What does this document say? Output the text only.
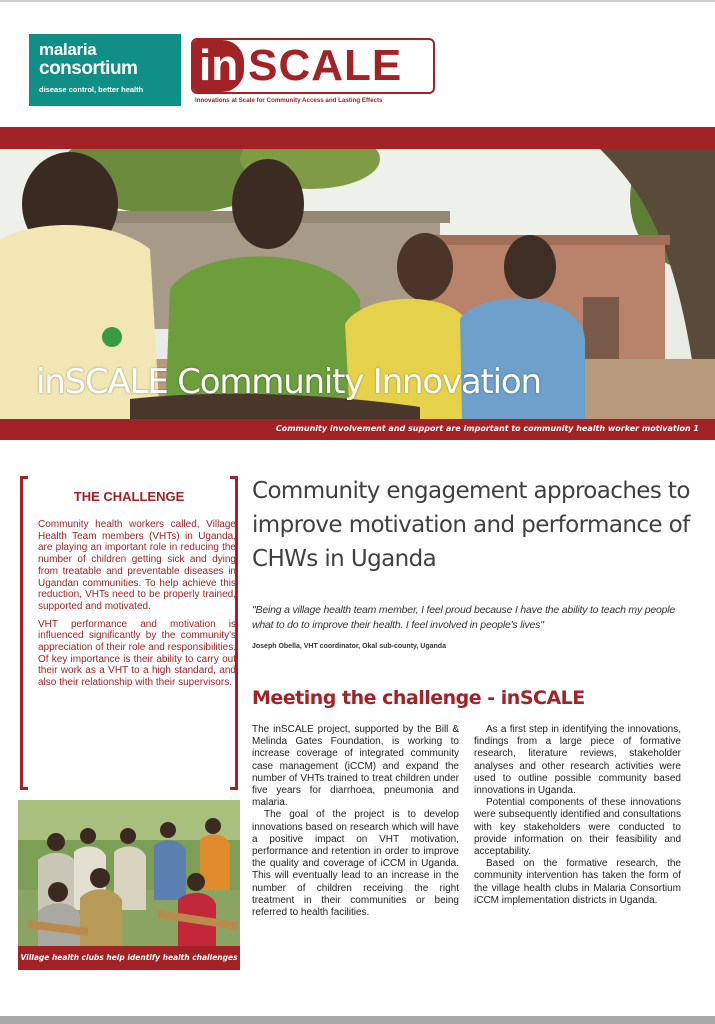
malaria
consortium
disease control, better health	in SCALE
Innovations at Scale for Community Access and Lasting Effects
inSCALE Community Innovation
Community involvement and support are important to community health worker motivation 1
THE CHALLENGE

Community health workers called, Village Health Team members (VHTs) in Uganda, are playing an important role in reducing the number of children getting sick and dying from treatable and preventable diseases in Ugandan communities. To help achieve this reduction, VHTs need to be properly trained, supported and motivated.

VHT performance and motivation is influenced significantly by the community's appreciation of their role and responsibilities. Of key importance is their ability to carry out their work as a VHT to a high standard, and also their relationship with their supervisors.

Village health clubs help identify health challenges
Community engagement approaches to improve motivation and performance of CHWs in Uganda
"Being a village health team member, I feel proud because I have the ability to teach my people what to do to improve their health. I feel involved in people's lives"
Joseph Obella, VHT coordinator, Okal sub-county, Uganda
Meeting the challenge - inSCALE

The inSCALE project, supported by the Bill & Melinda Gates Foundation, is working to increase coverage of integrated community case management (iCCM) and expand the number of VHTs trained to treat children under five years for diarrhoea, pneumonia and malaria.

The goal of the project is to develop innovations based on research which will have a positive impact on VHT motivation, performance and retention in order to improve the quality and coverage of iCCM in Uganda. This will eventually lead to an increase in the number of children receiving the right treatment in their communities or being referred to health facilities.

As a first step in identifying the innovations, findings from a large piece of formative research, literature reviews, stakeholder analyses and other research activities were used to outline possible community based innovations in Uganda.

Potential components of these innovations were subsequently identified and consultations with key stakeholders were conducted to provide information on their feasibility and acceptability.

Based on the formative research, the community intervention has taken the form of the village health clubs in Malaria Consortium iCCM implementation districts in Uganda.
